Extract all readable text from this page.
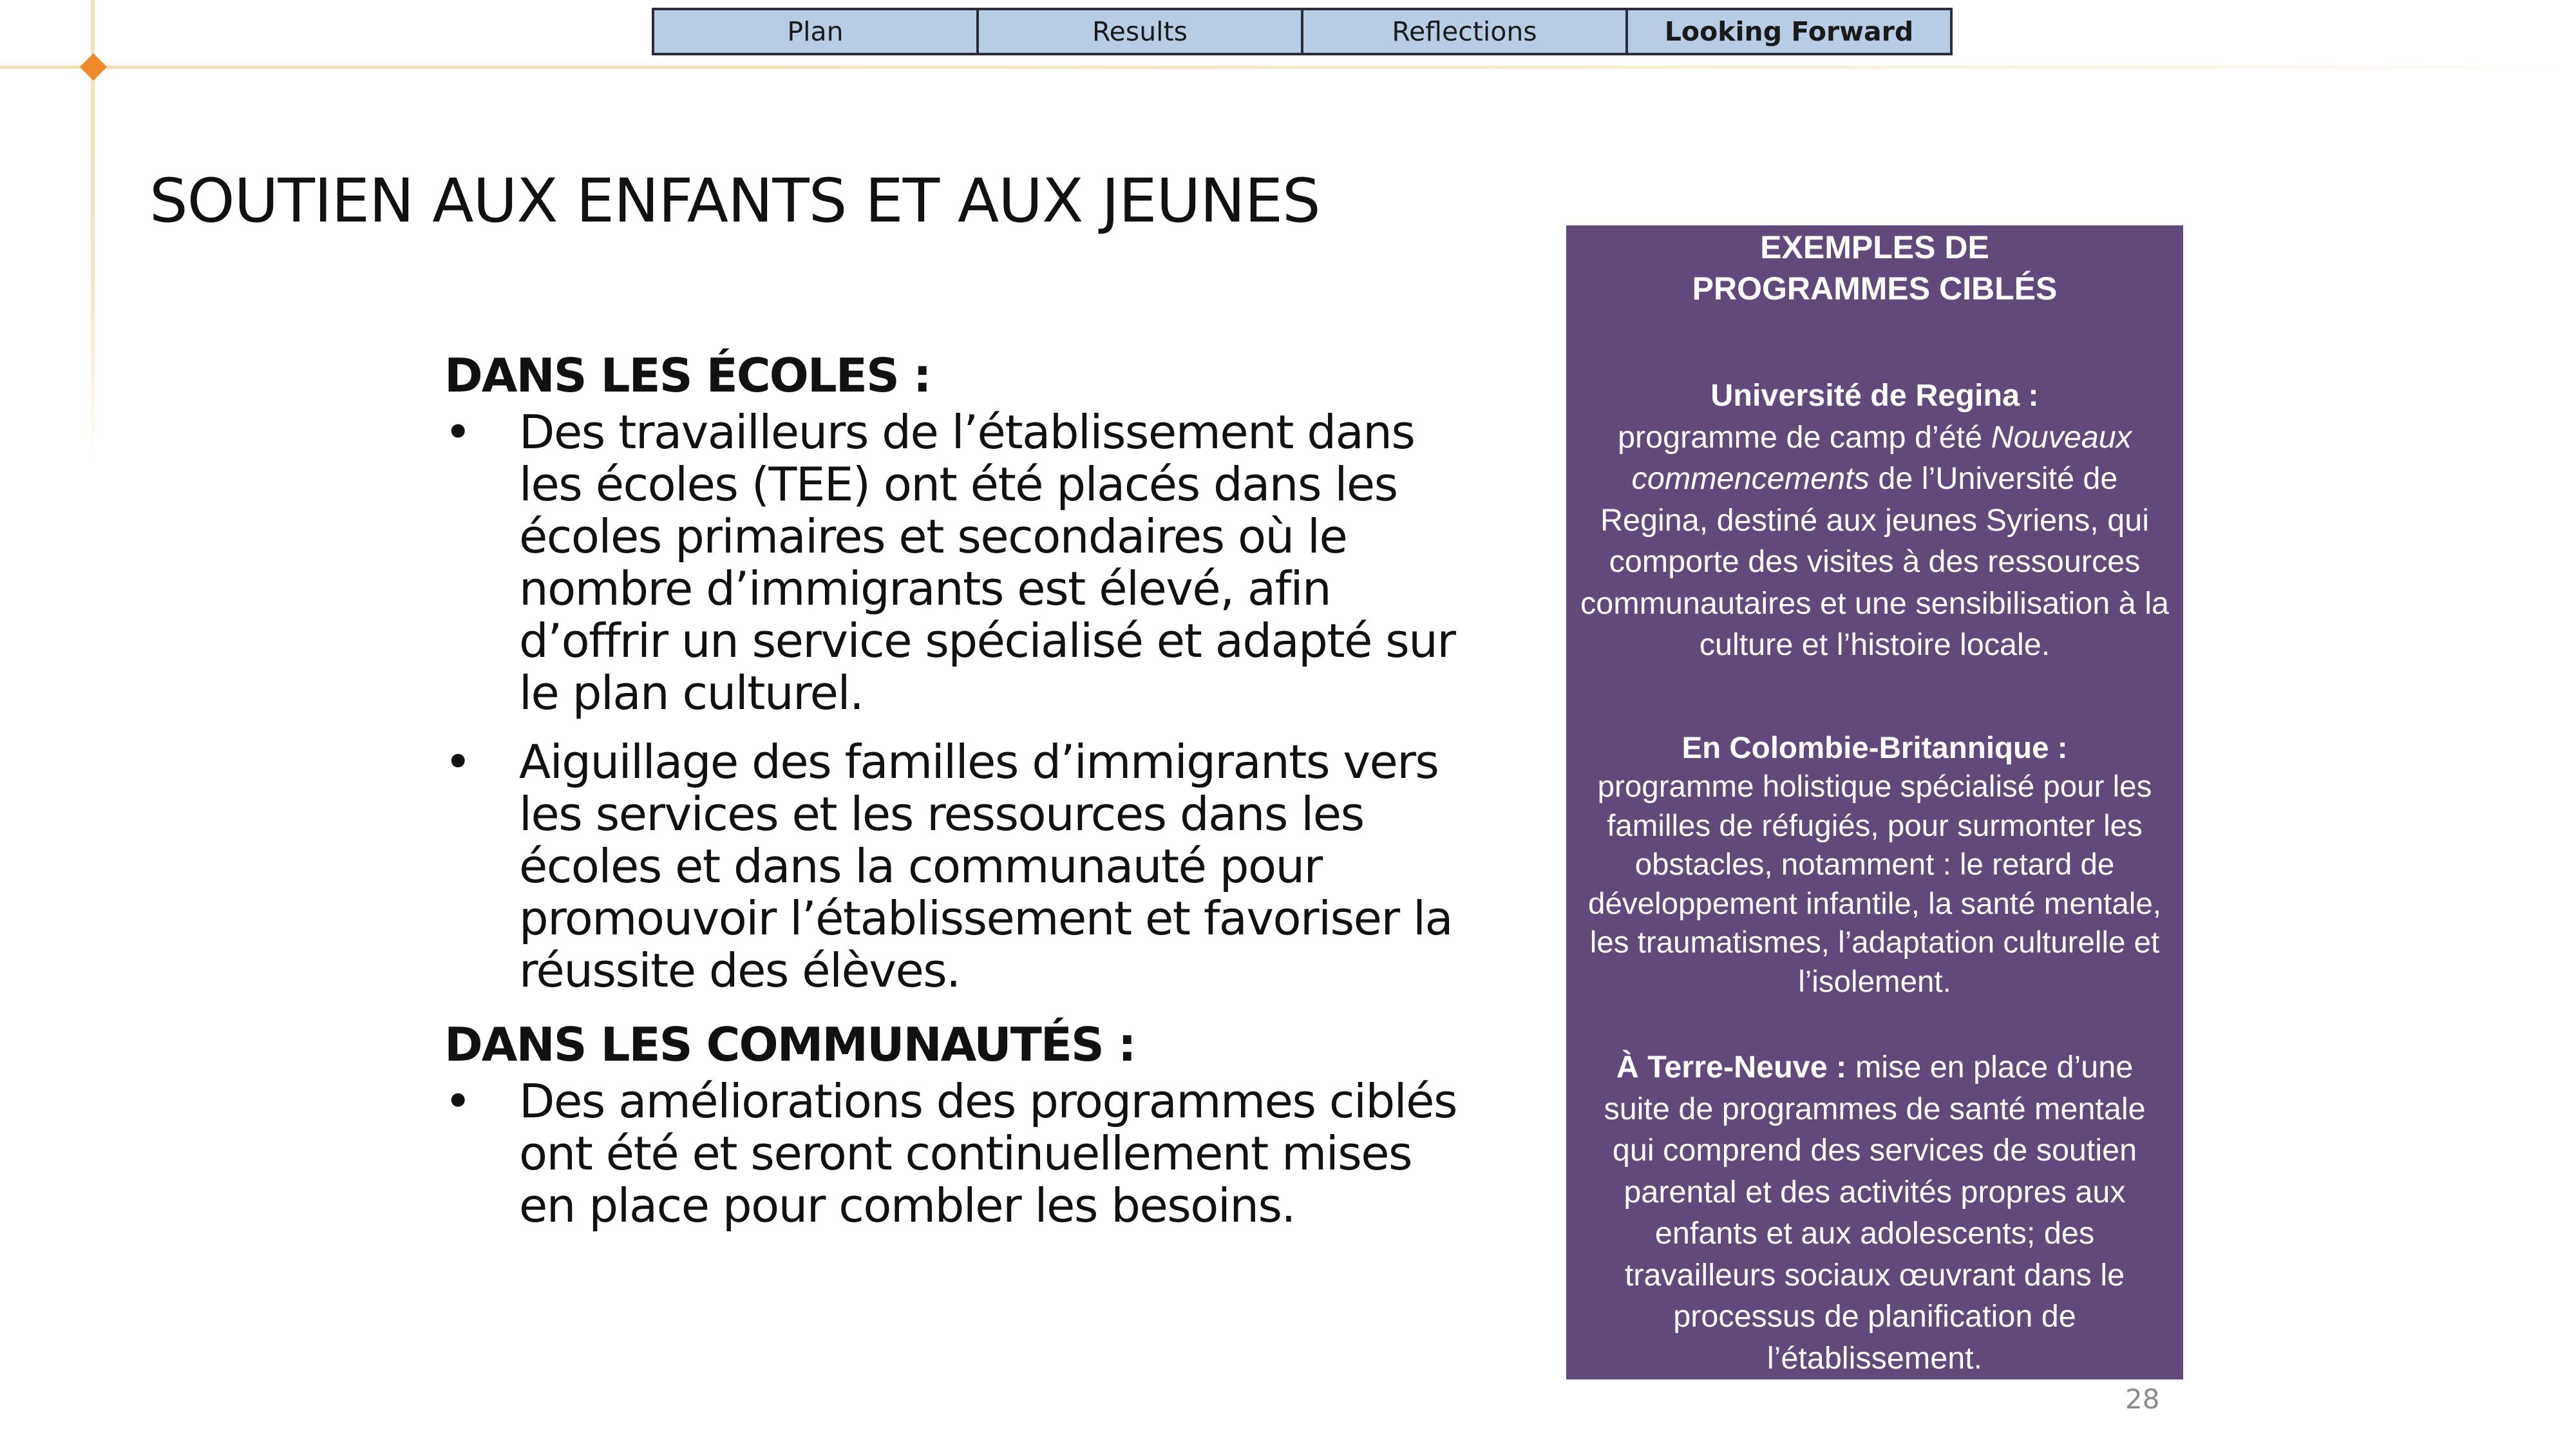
Plan	Results	Reflections	Looking Forward
SOUTIEN AUX ENFANTS ET AUX JEUNES
DANS LES ÉCOLES :
•	Des travailleurs de l’établissement dans les écoles (TEE) ont été placés dans les écoles primaires et secondaires où le nombre d’immigrants est élevé, afin d’offrir un service spécialisé et adapté sur le plan culturel.
•	Aiguillage des familles d’immigrants vers les services et les ressources dans les écoles et dans la communauté pour promouvoir l’établissement et favoriser la réussite des élèves.
DANS LES COMMUNAUTÉS :
•	Des améliorations des programmes ciblés ont été et seront continuellement mises en place pour combler les besoins.
EXEMPLES DE
PROGRAMMES CIBLÉS
Université de Regina :
programme de camp d’été Nouveaux commencements de l’Université de Regina, destiné aux jeunes Syriens, qui comporte des visites à des ressources communautaires et une sensibilisation à la culture et l’histoire locale.
En Colombie-Britannique :
programme holistique spécialisé pour les familles de réfugiés, pour surmonter les obstacles, notamment : le retard de développement infantile, la santé mentale, les traumatismes, l’adaptation culturelle et l’isolement.
À Terre-Neuve : mise en place d’une suite de programmes de santé mentale qui comprend des services de soutien parental et des activités propres aux enfants et aux adolescents; des travailleurs sociaux œuvrant dans le processus de planification de l’établissement.
28
